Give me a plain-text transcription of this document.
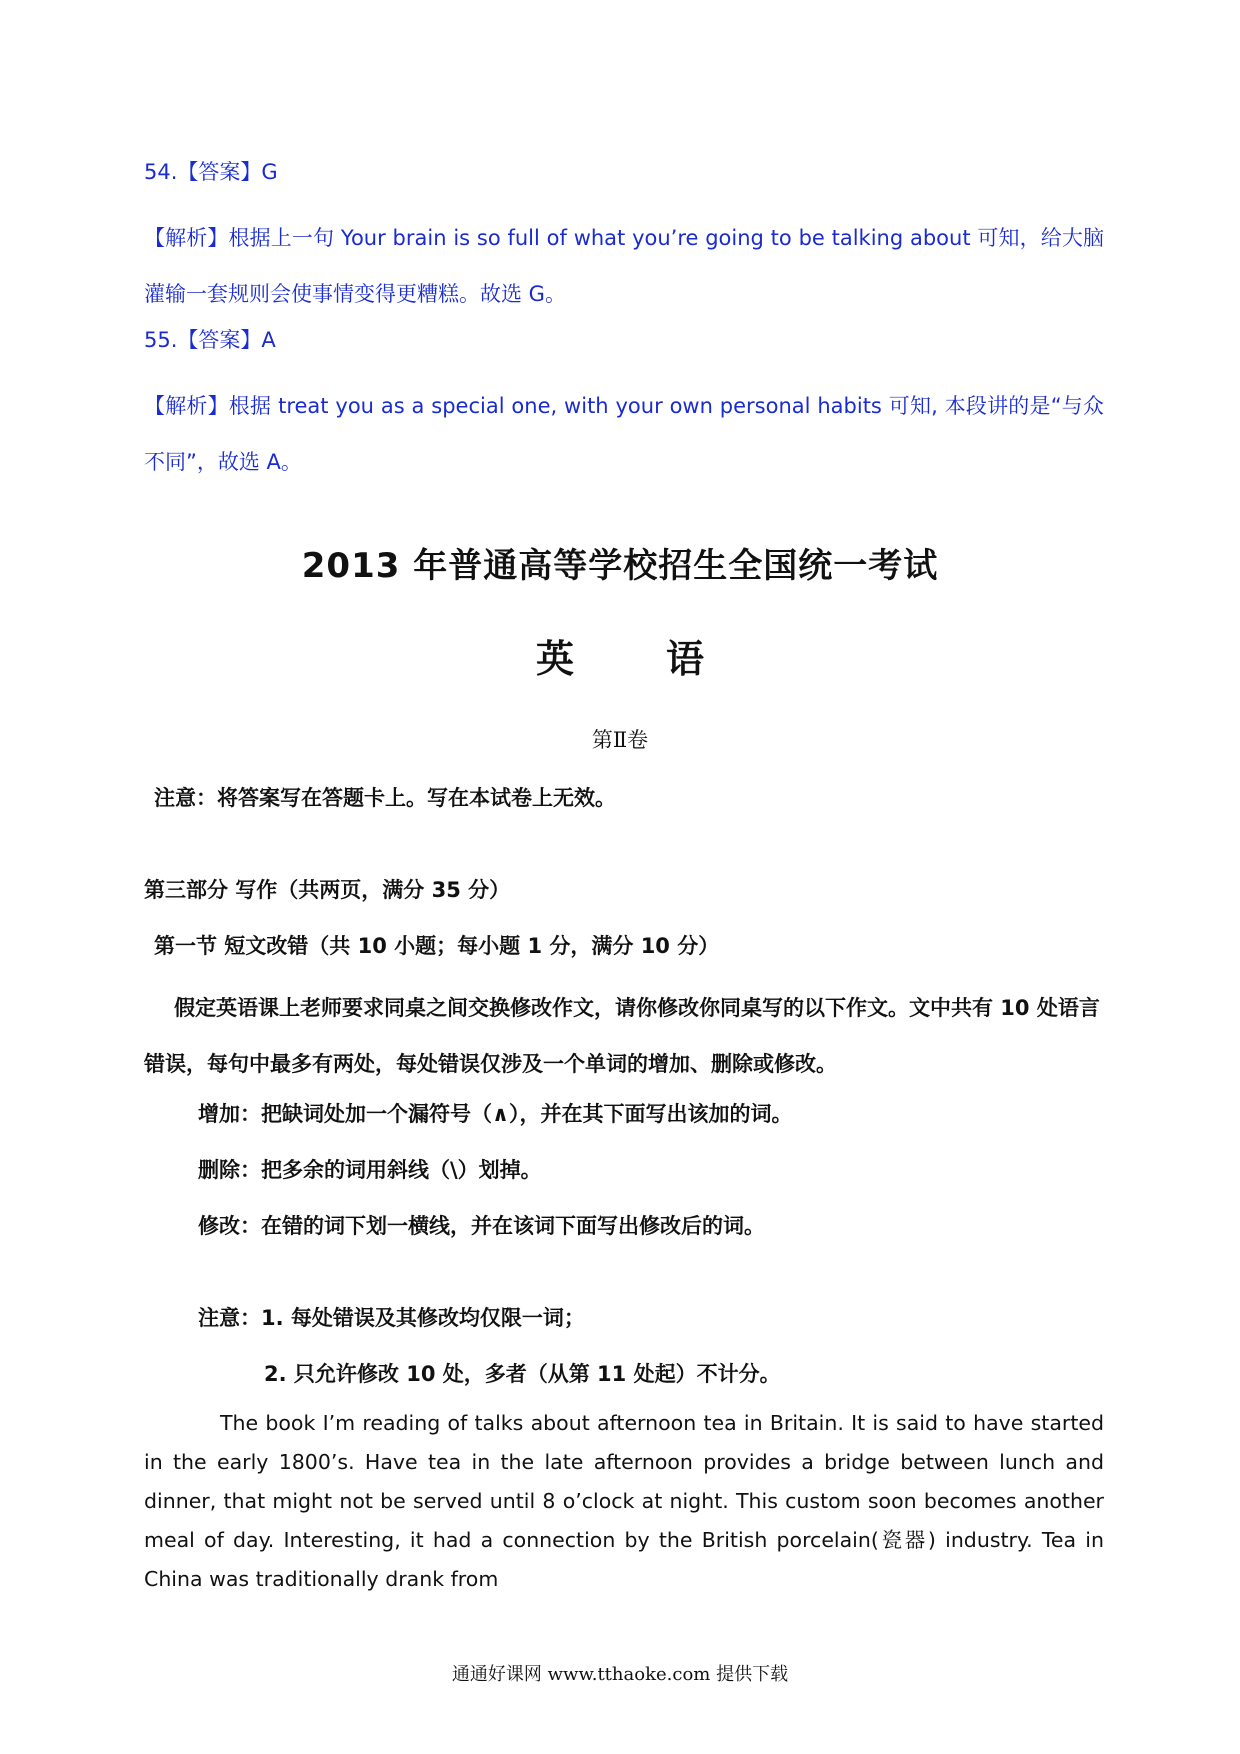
54.【答案】G
【解析】根据上一句 Your brain is so full of what you’re going to be talking about 可知，给大脑灌输一套规则会使事情变得更糟糕。故选 G。
55.【答案】A
【解析】根据 treat you as a special one, with your own personal habits 可知, 本段讲的是“与众不同”，故选 A。
2013 年普通高等学校招生全国统一考试
英 语
第Ⅱ卷
注意：将答案写在答题卡上。写在本试卷上无效。
第三部分 写作（共两页，满分 35 分）
第一节 短文改错（共 10 小题；每小题 1 分，满分 10 分）
假定英语课上老师要求同桌之间交换修改作文，请你修改你同桌写的以下作文。文中共有 10 处语言错误，每句中最多有两处，每处错误仅涉及一个单词的增加、删除或修改。
增加：把缺词处加一个漏符号（∧），并在其下面写出该加的词。
删除：把多余的词用斜线（\）划掉。
修改：在错的词下划一横线，并在该词下面写出修改后的词。
注意：1. 每处错误及其修改均仅限一词；
2. 只允许修改 10 处，多者（从第 11 处起）不计分。
The book I’m reading of talks about afternoon tea in Britain. It is said to have started in the early 1800’s. Have tea in the late afternoon provides a bridge between lunch and dinner, that might not be served until 8 o’clock at night. This custom soon becomes another meal of day. Interesting, it had a connection by the British porcelain(瓷器) industry. Tea in China was traditionally drank from
通通好课网 www.tthaoke.com 提供下载
